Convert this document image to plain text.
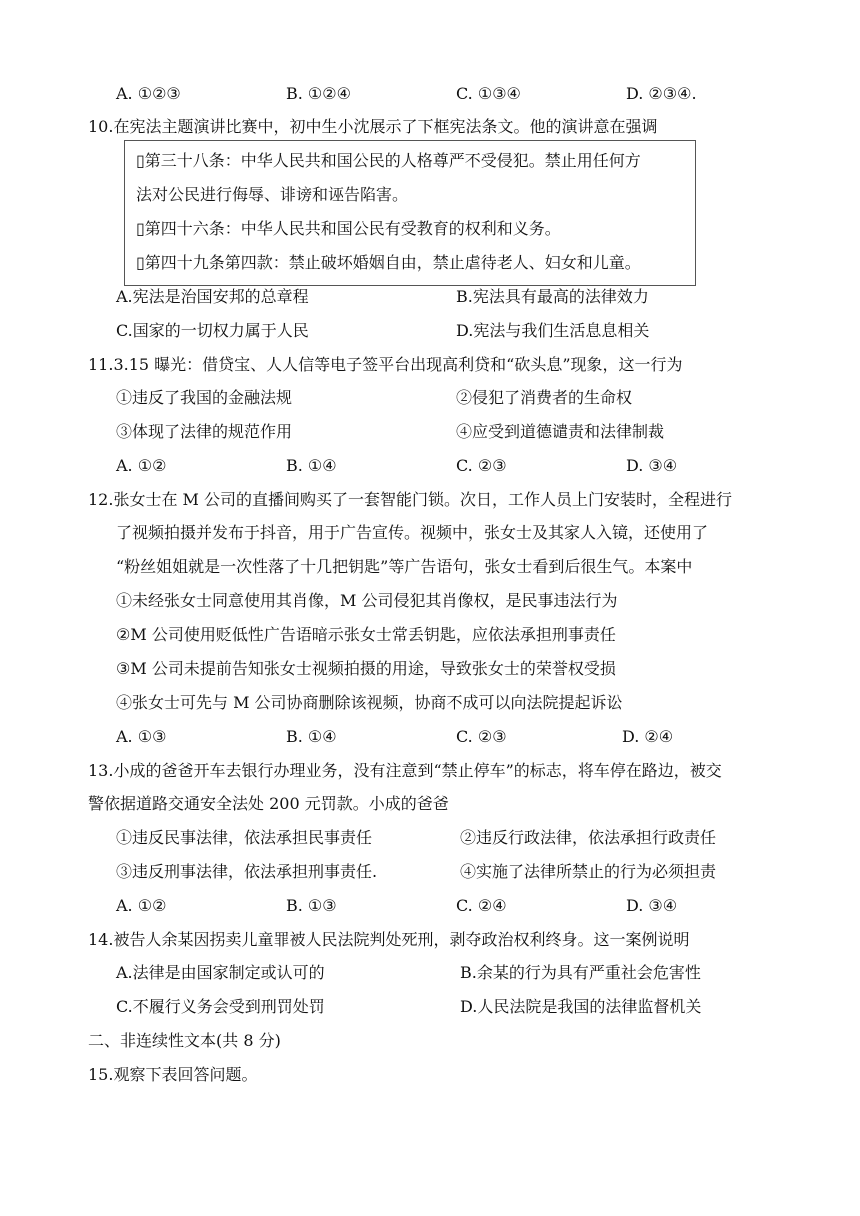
A. ①②③	B. ①②④	C. ①③④	D. ②③④.
10.在宪法主题演讲比赛中，初中生小沈展示了下框宪法条文。他的演讲意在强调
▯第三十八条：中华人民共和国公民的人格尊严不受侵犯。禁止用任何方
法对公民进行侮辱、诽谤和诬告陷害。
▯第四十六条：中华人民共和国公民有受教育的权利和义务。
▯第四十九条第四款：禁止破坏婚姻自由，禁止虐待老人、妇女和儿童。
A.宪法是治国安邦的总章程	B.宪法具有最高的法律效力
C.国家的一切权力属于人民	D.宪法与我们生活息息相关
11.3.15 曝光：借贷宝、人人信等电子签平台出现高利贷和“砍头息”现象，这一行为
①违反了我国的金融法规	②侵犯了消费者的生命权
③体现了法律的规范作用	④应受到道德谴责和法律制裁
A. ①②	B. ①④	C. ②③	D. ③④
12.张女士在 M 公司的直播间购买了一套智能门锁。次日，工作人员上门安装时，全程进行
了视频拍摄并发布于抖音，用于广告宣传。视频中，张女士及其家人入镜，还使用了
“粉丝姐姐就是一次性落了十几把钥匙”等广告语句，张女士看到后很生气。本案中
①未经张女士同意使用其肖像，M 公司侵犯其肖像权，是民事违法行为
②M 公司使用贬低性广告语暗示张女士常丢钥匙，应依法承担刑事责任
③M 公司未提前告知张女士视频拍摄的用途，导致张女士的荣誉权受损
④张女士可先与 M 公司协商删除该视频，协商不成可以向法院提起诉讼
A. ①③	B. ①④	C. ②③	D. ②④
13.小成的爸爸开车去银行办理业务，没有注意到“禁止停车”的标志，将车停在路边，被交
警依据道路交通安全法处 200 元罚款。小成的爸爸
①违反民事法律，依法承担民事责任	②违反行政法律，依法承担行政责任
③违反刑事法律，依法承担刑事责任.	④实施了法律所禁止的行为必须担责
A. ①②	B. ①③	C. ②④	D. ③④
14.被告人余某因拐卖儿童罪被人民法院判处死刑，剥夺政治权利终身。这一案例说明
A.法律是由国家制定或认可的	B.余某的行为具有严重社会危害性
C.不履行义务会受到刑罚处罚	D.人民法院是我国的法律监督机关
二、非连续性文本(共 8 分)
15.观察下表回答问题。
